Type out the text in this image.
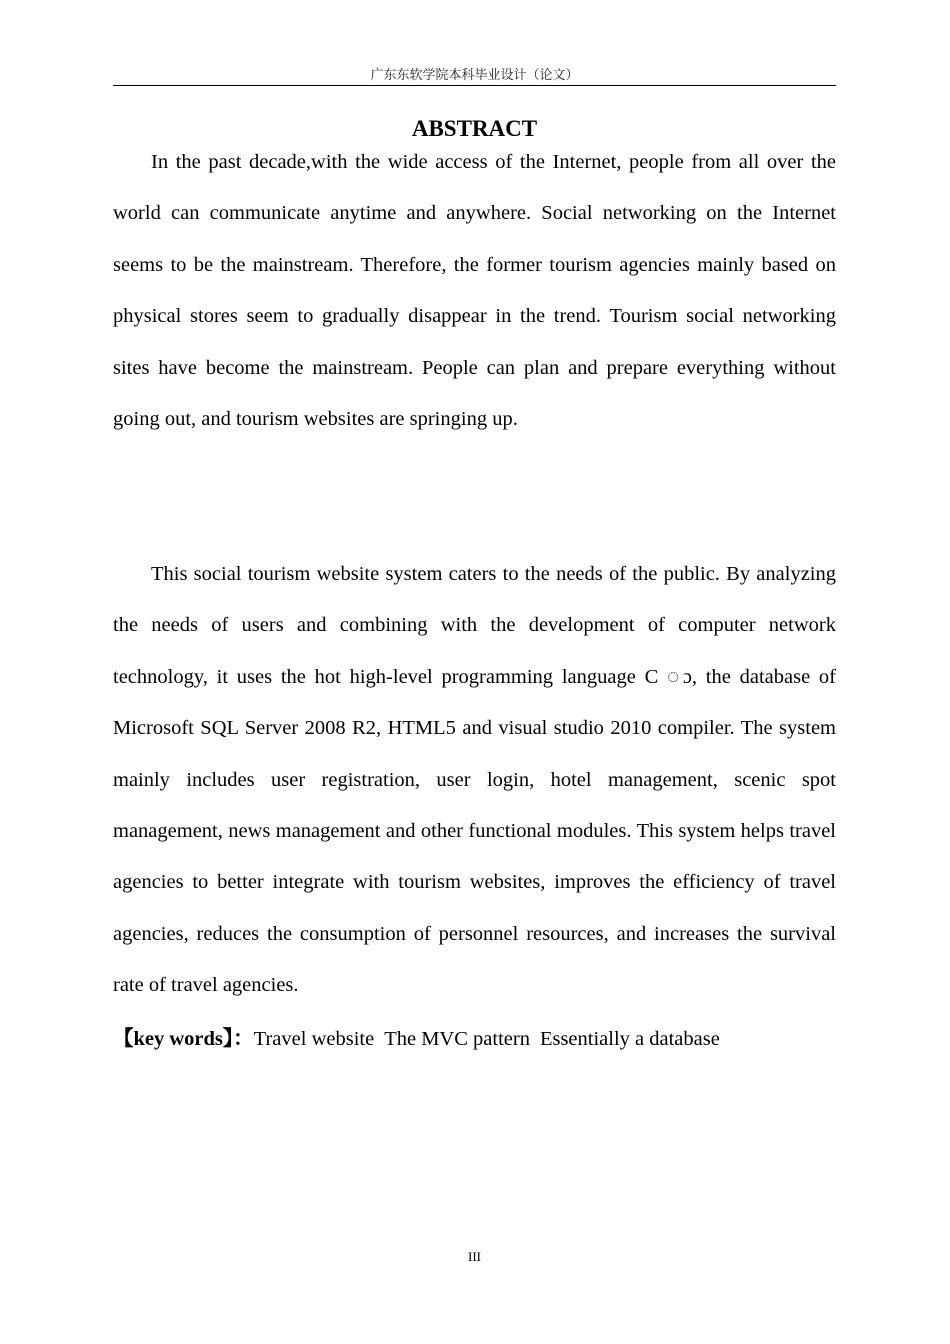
广东东软学院本科毕业设计（论文）
ABSTRACT

In the past decade,with the wide access of the Internet, people from all over the world can communicate anytime and anywhere. Social networking on the Internet seems to be the mainstream. Therefore, the former tourism agencies mainly based on physical stores seem to gradually disappear in the trend. Tourism social networking sites have become the mainstream. People can plan and prepare everything without going out, and tourism websites are springing up.

This social tourism website system caters to the needs of the public. By analyzing the needs of users and combining with the development of computer network technology, it uses the hot high-level programming language C ◌ɔ, the database of Microsoft SQL Server 2008 R2, HTML5 and visual studio 2010 compiler. The system mainly includes user registration, user login, hotel management, scenic spot management, news management and other functional modules. This system helps travel agencies to better integrate with tourism websites, improves the efficiency of travel agencies, reduces the consumption of personnel resources, and increases the survival rate of travel agencies.

【key words】：Travel website The MVC pattern Essentially a database
III
